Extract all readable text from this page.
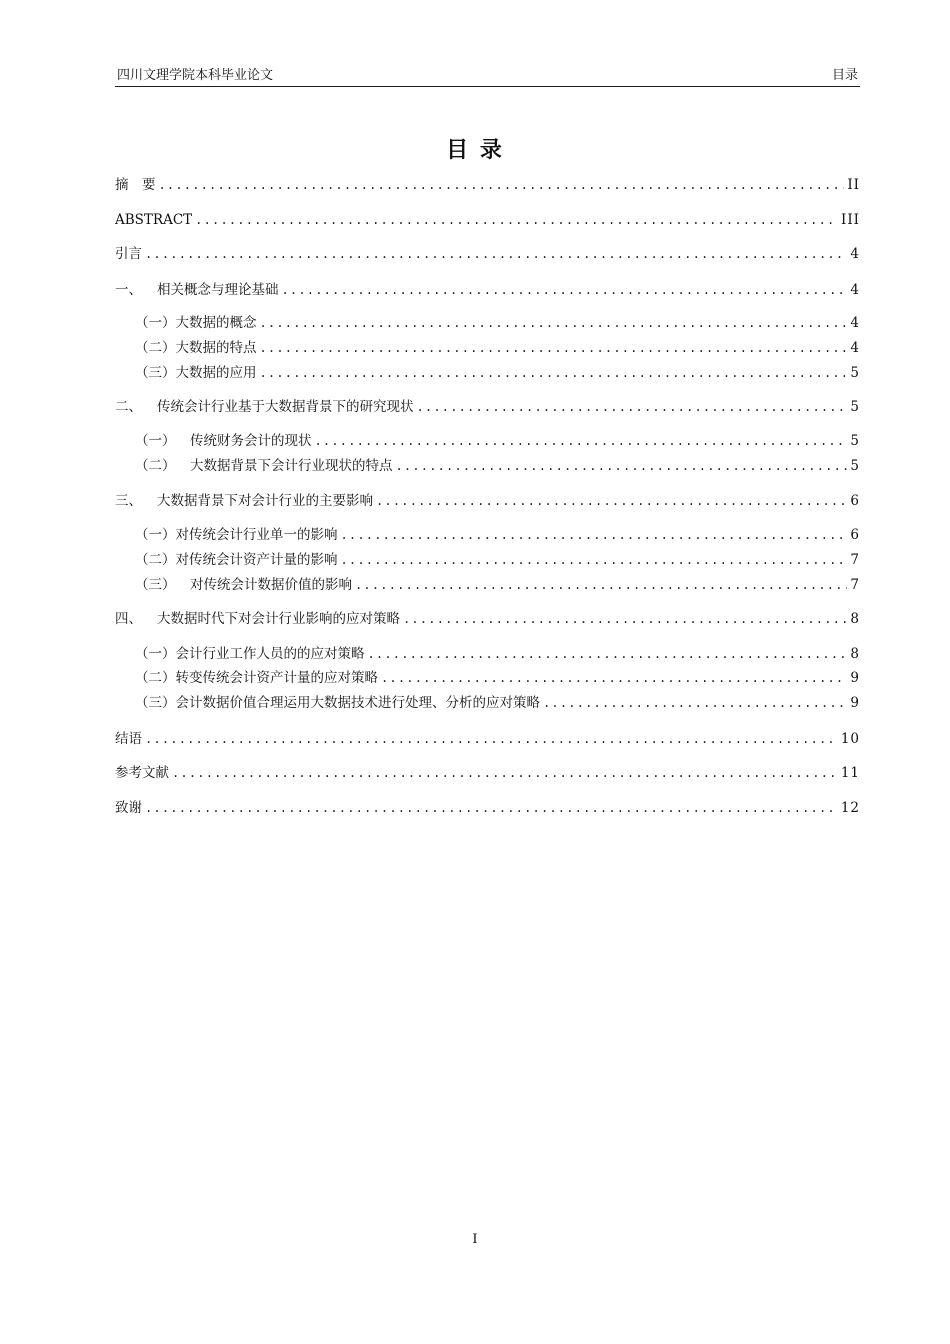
四川文理学院本科毕业论文	目录
目 录
摘　要 .....	II
ABSTRACT .....	III
引言 .....	4
一、 相关概念与理论基础 .....	4
（一）大数据的概念 .....	4
（二）大数据的特点 .....	4
（三）大数据的应用 .....	5
二、 传统会计行业基于大数据背景下的研究现状 .....	5
（一） 传统财务会计的现状 .....	5
（二） 大数据背景下会计行业现状的特点 .....	5
三、 大数据背景下对会计行业的主要影响 .....	6
（一）对传统会计行业单一的影响 .....	6
（二）对传统会计资产计量的影响 .....	7
（三） 对传统会计数据价值的影响 .....	7
四、 大数据时代下对会计行业影响的应对策略 .....	8
（一）会计行业工作人员的的应对策略 .....	8
（二）转变传统会计资产计量的应对策略 .....	9
（三）会计数据价值合理运用大数据技术进行处理、分析的应对策略 .....	9
结语 .....	10
参考文献 .....	11
致谢 .....	12
I
